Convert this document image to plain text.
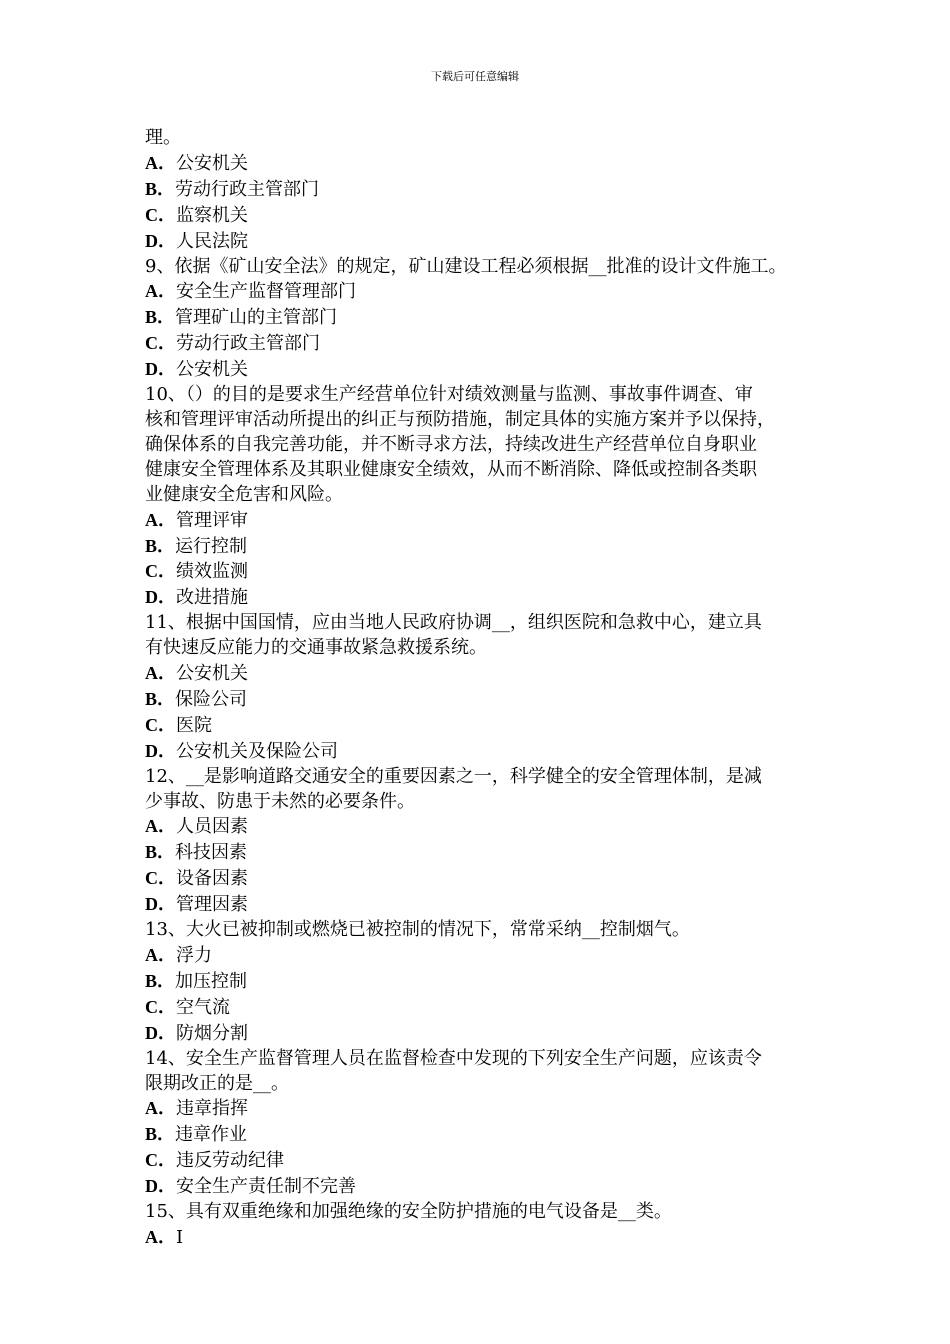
下载后可任意编辑
理。
A．公安机关
B．劳动行政主管部门
C．监察机关
D．人民法院
9、依据《矿山安全法》的规定，矿山建设工程必须根据__批准的设计文件施工。
A．安全生产监督管理部门
B．管理矿山的主管部门
C．劳动行政主管部门
D．公安机关
10、（）的目的是要求生产经营单位针对绩效测量与监测、事故事件调查、审
核和管理评审活动所提出的纠正与预防措施，制定具体的实施方案并予以保持，
确保体系的自我完善功能，并不断寻求方法，持续改进生产经营单位自身职业
健康安全管理体系及其职业健康安全绩效，从而不断消除、降低或控制各类职
业健康安全危害和风险。
A．管理评审
B．运行控制
C．绩效监测
D．改进措施
11、根据中国国情，应由当地人民政府协调__，组织医院和急救中心，建立具
有快速反应能力的交通事故紧急救援系统。
A．公安机关
B．保险公司
C．医院
D．公安机关及保险公司
12、__是影响道路交通安全的重要因素之一，科学健全的安全管理体制，是减
少事故、防患于未然的必要条件。
A．人员因素
B．科技因素
C．设备因素
D．管理因素
13、大火已被抑制或燃烧已被控制的情况下，常常采纳__控制烟气。
A．浮力
B．加压控制
C．空气流
D．防烟分割
14、安全生产监督管理人员在监督检查中发现的下列安全生产问题，应该责令
限期改正的是__。
A．违章指挥
B．违章作业
C．违反劳动纪律
D．安全生产责任制不完善
15、具有双重绝缘和加强绝缘的安全防护措施的电气设备是__类。
A．Ⅰ
